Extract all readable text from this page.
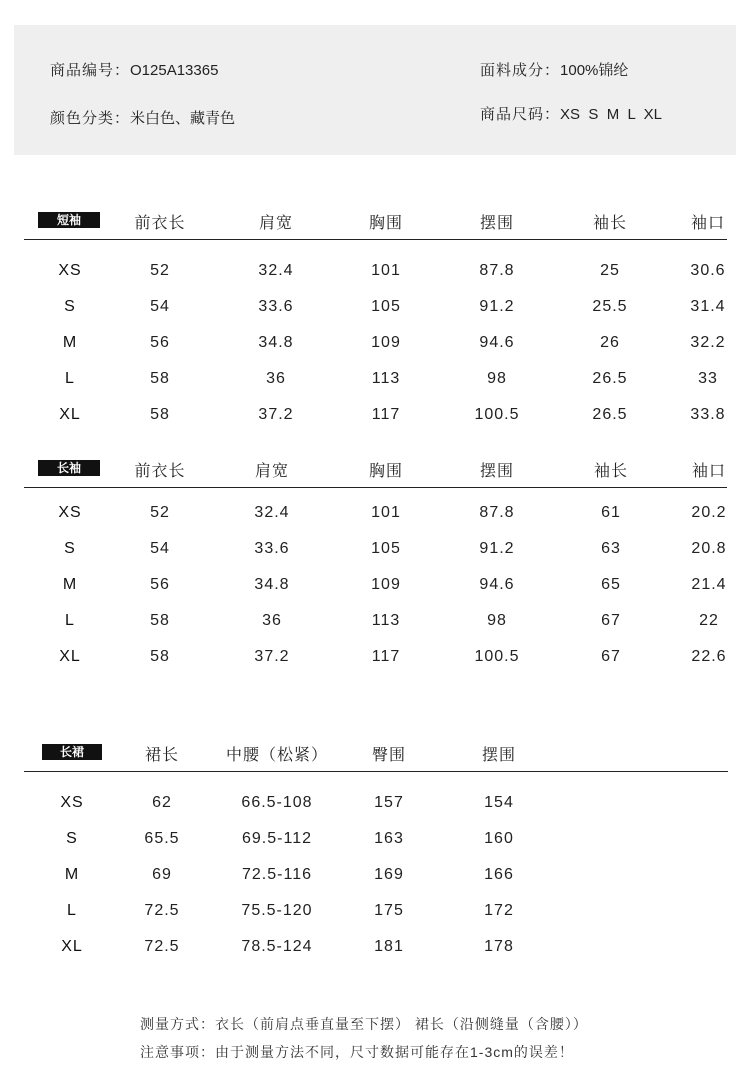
商品编号：O125A13365
颜色分类：米白色、藏青色
面料成分：100%锦纶
商品尺码：XS  S  M  L  XL
短袖	前衣长	肩宽	胸围	摆围	袖长	袖口
XS	52	32.4	101	87.8	25	30.6
S	54	33.6	105	91.2	25.5	31.4
M	56	34.8	109	94.6	26	32.2
L	58	36	113	98	26.5	33
XL	58	37.2	117	100.5	26.5	33.8
长袖	前衣长	肩宽	胸围	摆围	袖长	袖口
XS	52	32.4	101	87.8	61	20.2
S	54	33.6	105	91.2	63	20.8
M	56	34.8	109	94.6	65	21.4
L	58	36	113	98	67	22
XL	58	37.2	117	100.5	67	22.6
长裙	裙长	中腰（松紧）	臀围	摆围
XS	62	66.5-108	157	154
S	65.5	69.5-112	163	160
M	69	72.5-116	169	166
L	72.5	75.5-120	175	172
XL	72.5	78.5-124	181	178
测量方式：衣长（前肩点垂直量至下摆） 裙长（沿侧缝量（含腰））
注意事项：由于测量方法不同，尺寸数据可能存在1-3cm的误差！
